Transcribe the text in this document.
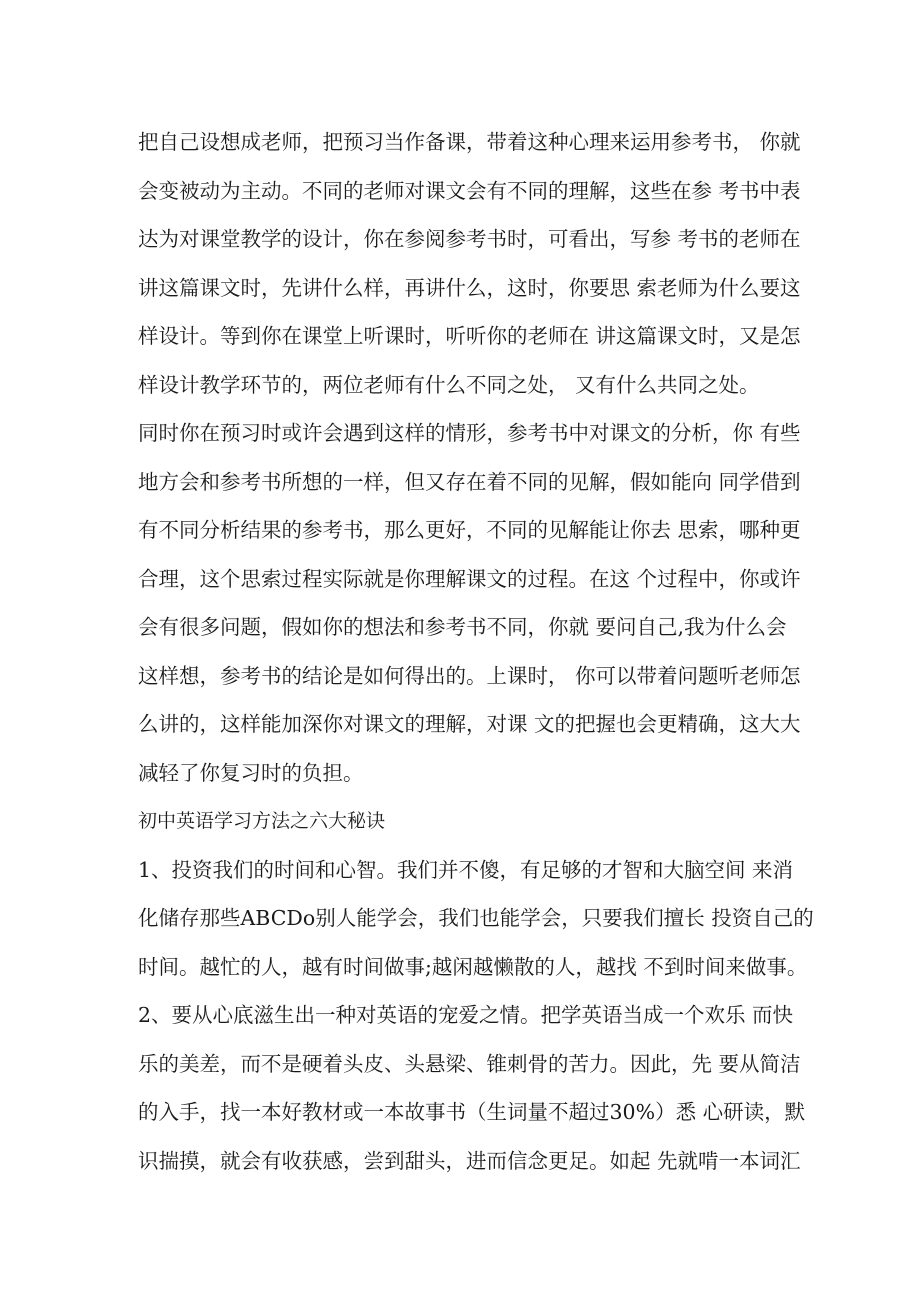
把自己设想成老师，把预习当作备课，带着这种心理来运用参考书， 你就
会变被动为主动。不同的老师对课文会有不同的理解，这些在参 考书中表
达为对课堂教学的设计，你在参阅参考书时，可看出，写参 考书的老师在
讲这篇课文时，先讲什么样，再讲什么，这时，你要思 索老师为什么要这
样设计。等到你在课堂上听课时，听听你的老师在 讲这篇课文时，又是怎
样设计教学环节的，两位老师有什么不同之处， 又有什么共同之处。
同时你在预习时或许会遇到这样的情形，参考书中对课文的分析，你 有些
地方会和参考书所想的一样，但又存在着不同的见解，假如能向 同学借到
有不同分析结果的参考书，那么更好，不同的见解能让你去 思索，哪种更
合理，这个思索过程实际就是你理解课文的过程。在这 个过程中，你或许
会有很多问题，假如你的想法和参考书不同，你就 要问自己,我为什么会
这样想，参考书的结论是如何得出的。上课时， 你可以带着问题听老师怎
么讲的，这样能加深你对课文的理解，对课 文的把握也会更精确，这大大
减轻了你复习时的负担。
初中英语学习方法之六大秘诀
1、投资我们的时间和心智。我们并不傻，有足够的才智和大脑空间 来消
化储存那些ABCDo别人能学会，我们也能学会，只要我们擅长 投资自己的
时间。越忙的人，越有时间做事;越闲越懒散的人，越找 不到时间来做事。
2、要从心底滋生出一种对英语的宠爱之情。把学英语当成一个欢乐 而快
乐的美差，而不是硬着头皮、头悬梁、锥刺骨的苦力。因此，先 要从简洁
的入手，找一本好教材或一本故事书（生词量不超过30%）悉 心研读，默
识揣摸，就会有收获感，尝到甜头，进而信念更足。如起 先就啃一本词汇
